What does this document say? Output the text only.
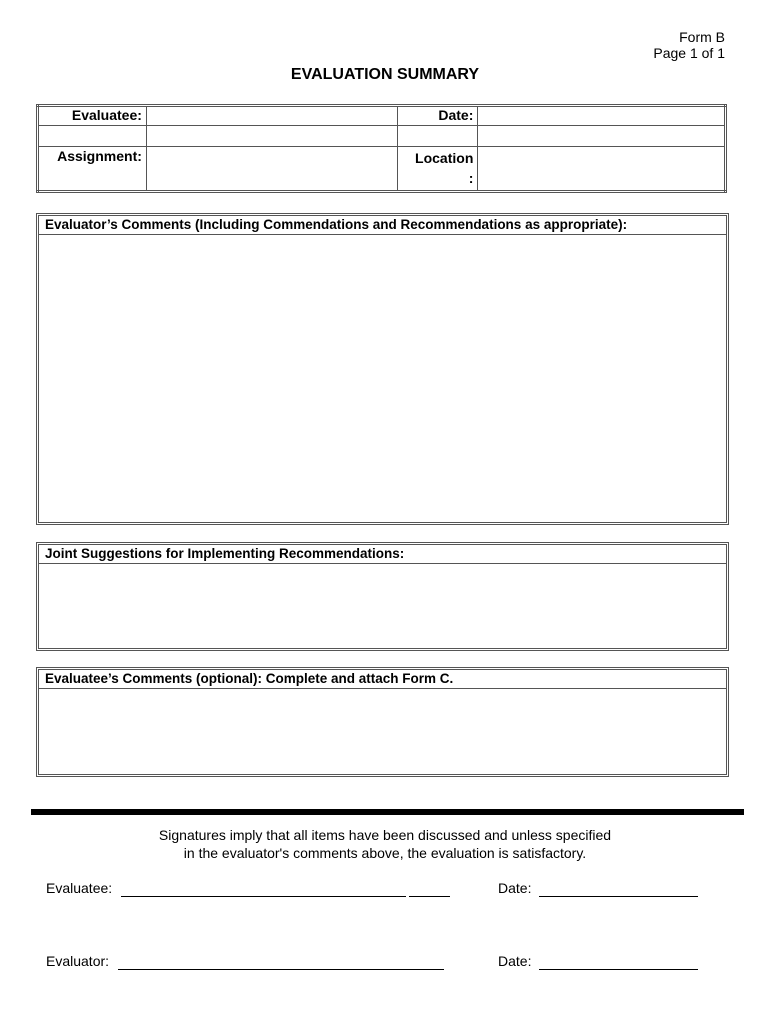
Form B
Page 1 of 1
EVALUATION SUMMARY
Evaluatee:		Date:	

Assignment:		Location
:	

Evaluator’s Comments (Including Commendations and Recommendations as appropriate):
Joint Suggestions for Implementing Recommendations:
Evaluatee’s Comments (optional): Complete and attach Form C.
Signatures imply that all items have been discussed and unless specified
in the evaluator's comments above, the evaluation is satisfactory.
Evaluatee:	Date:
Evaluator:	Date:
